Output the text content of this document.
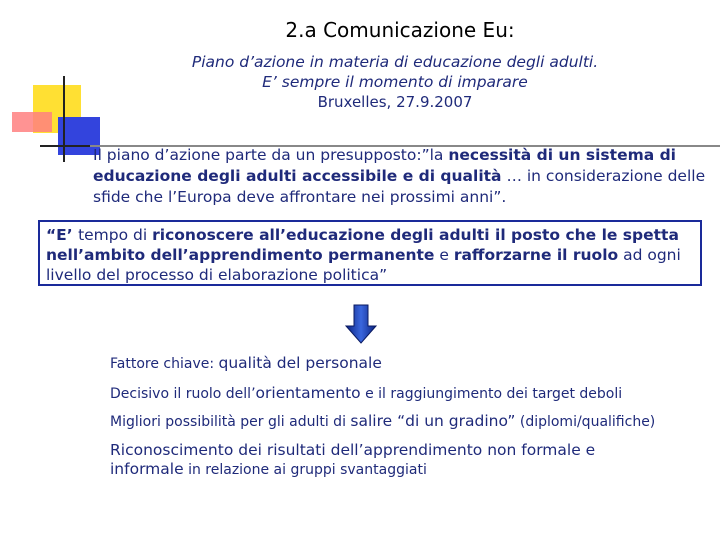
2.a Comunicazione Eu:
Piano d’azione in materia di educazione degli adulti.
E’ sempre il momento di imparare
Bruxelles, 27.9.2007
Il piano d’azione parte da un presupposto:”la necessità di un sistema di educazione degli adulti accessibile e di qualità … in considerazione delle sfide che l’Europa deve affrontare nei prossimi anni”.
“E’ tempo di riconoscere all’educazione degli adulti il posto che le spetta nell’ambito dell’apprendimento permanente e rafforzarne il ruolo ad ogni livello del processo di elaborazione politica”
Fattore chiave: qualità del personale
Decisivo il ruolo dell’orientamento e il raggiungimento dei target deboli
Migliori possibilità per gli adulti di salire “di un gradino” (diplomi/qualifiche)
Riconoscimento dei risultati dell’apprendimento non formale e informale in relazione ai gruppi svantaggiati
